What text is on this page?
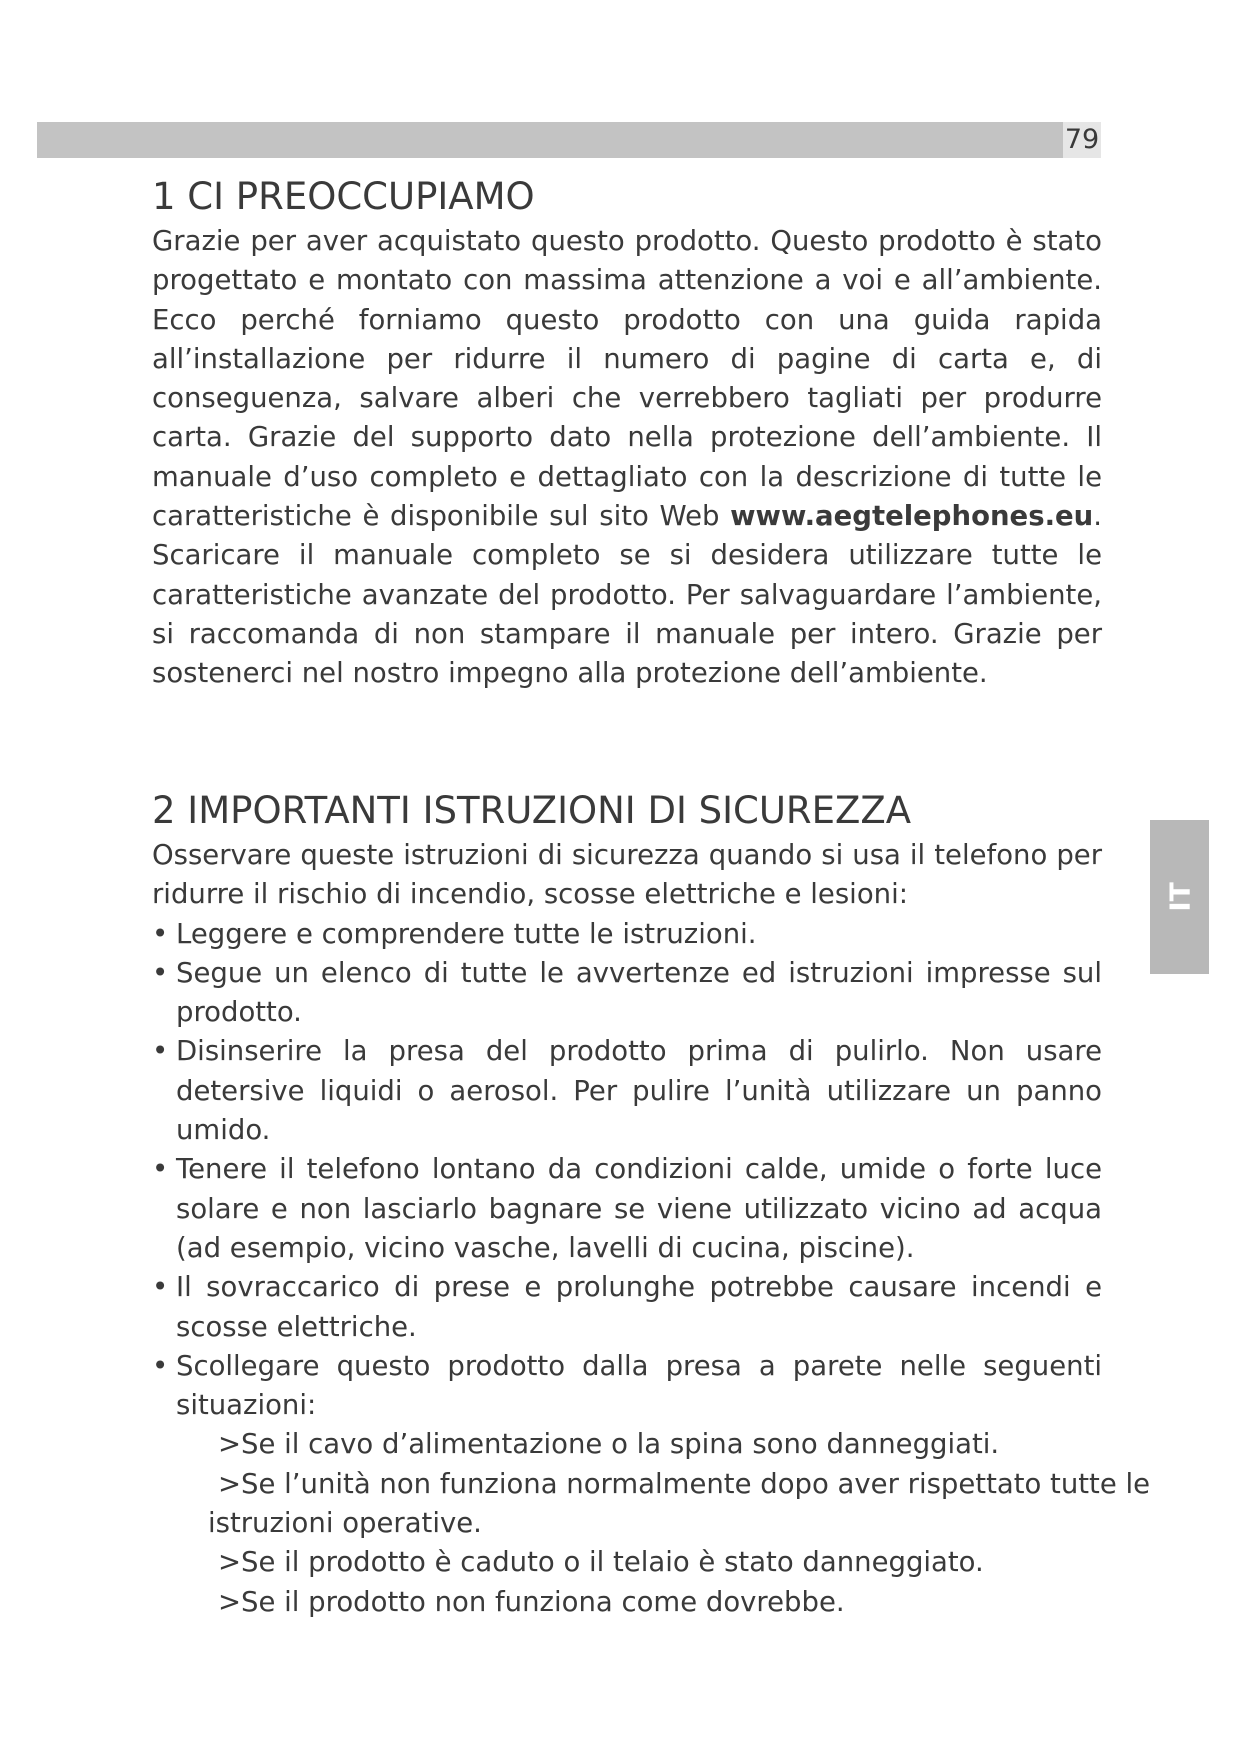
79
IT
1 CI PREOCCUPIAMO

Grazie per aver acquistato questo prodotto. Questo prodotto è stato progettato e montato con massima attenzione a voi e all’ambiente. Ecco perché forniamo questo prodotto con una guida rapida all’installazione per ridurre il numero di pagine di carta e, di conseguenza, salvare alberi che verrebbero tagliati per produrre carta. Grazie del supporto dato nella protezione dell’ambiente. Il manuale d’uso completo e dettagliato con la descrizione di tutte le caratteristiche è disponibile sul sito Web www.aegtelephones.eu. Scaricare il manuale completo se si desidera utilizzare tutte le caratteristiche avanzate del prodotto. Per salvaguardare l’ambiente, si raccomanda di non stampare il manuale per intero. Grazie per sostenerci nel nostro impegno alla protezione dell’ambiente.

2 IMPORTANTI ISTRUZIONI DI SICUREZZA

Osservare queste istruzioni di sicurezza quando si usa il telefono per ridurre il rischio di incendio, scosse elettriche e lesioni:

• Leggere e comprendere tutte le istruzioni.
• Segue un elenco di tutte le avvertenze ed istruzioni impresse sul prodotto.
• Disinserire la presa del prodotto prima di pulirlo. Non usare detersive liquidi o aerosol. Per pulire l’unità utilizzare un panno umido.
• Tenere il telefono lontano da condizioni calde, umide o forte luce solare e non lasciarlo bagnare se viene utilizzato vicino ad acqua (ad esempio, vicino vasche, lavelli di cucina, piscine).
• Il sovraccarico di prese e prolunghe potrebbe causare incendi e scosse elettriche.
• Scollegare questo prodotto dalla presa a parete nelle seguenti situazioni:
>Se il cavo d’alimentazione o la spina sono danneggiati.
>Se l’unità non funziona normalmente dopo aver rispettato tutte le istruzioni operative.
>Se il prodotto è caduto o il telaio è stato danneggiato.
>Se il prodotto non funziona come dovrebbe.
